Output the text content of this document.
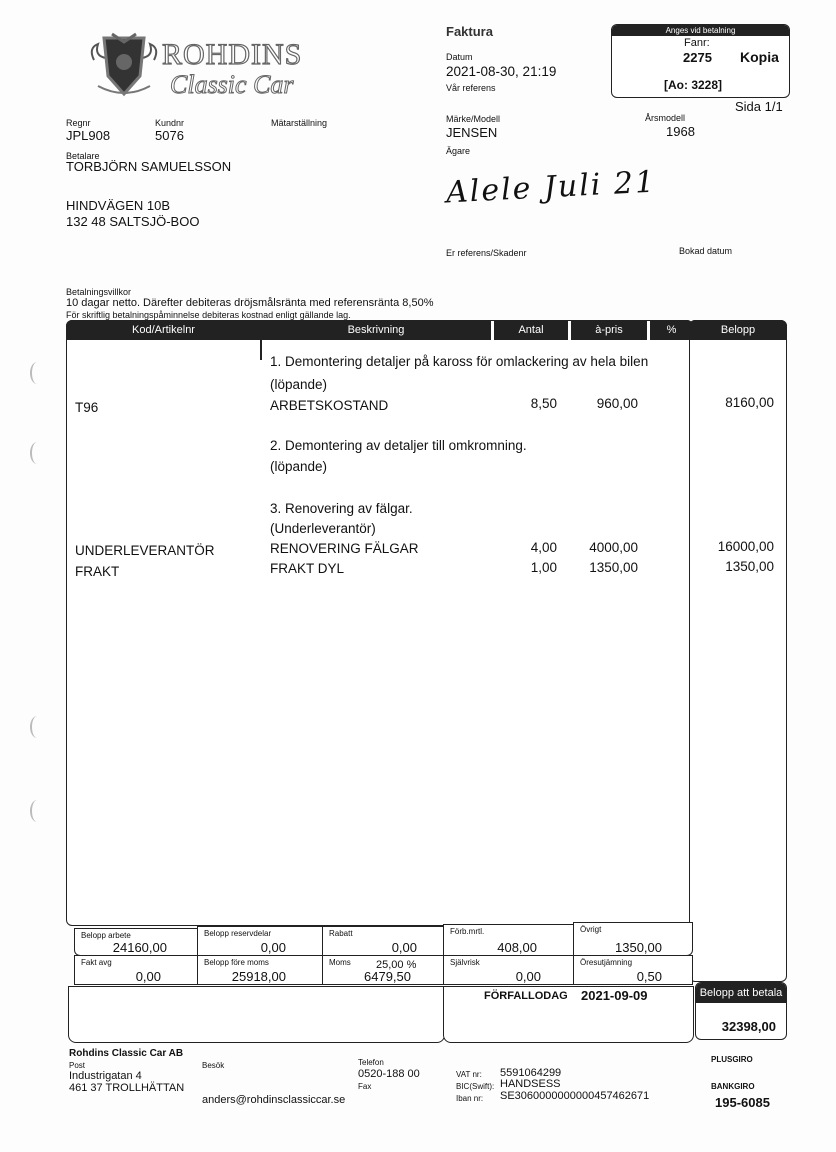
ROHDINS
Classic Car
Faktura
Datum
2021-08-30, 21:19
Vår referens
Anges vid betalning
Fanr:
2275 Kopia
[Ao: 3228]
Sida 1/1
Regnr
JPL908
Kundnr
5076
Mätarställning	Märke/Modell
JENSEN
Årsmodell
1968
Ägare
Alele Juli 21
Betalare
TORBJÖRN SAMUELSSON
HINDVÄGEN 10B
132 48 SALTSJÖ-BOO
Er referens/Skadenr	Bokad datum
Betalningsvillkor
10 dagar netto. Därefter debiteras dröjsmålsränta med referensränta 8,50%
För skriftlig betalningspåminnelse debiteras kostnad enligt gällande lag.
Kod/Artikelnr	Beskrivning	Antal	à-pris	%	Belopp
1. Demontering detaljer på kaross för omlackering av hela bilen
(löpande)
2. Demontering av detaljer till omkromning.
(löpande)
3. Renovering av fälgar.
(Underleverantör)
T96	ARBETSKOSTAND	8,50	960,00	8160,00
UNDERLEVERANTÖR	RENOVERING FÄLGAR	4,00 4000,00	16000,00
FRAKT	FRAKT DYL	1,00 1350,00	1350,00
Belopp arbete
24160,00
Belopp reservdelar
0,00
Rabatt
0,00
Förb.mrtl.
408,00
Övrigt
1350,00
Fakt avg
0,00
Belopp före moms
25918,00
Moms 25,00 %
6479,50
Självrisk
0,00
Öresutjämning
0,50
FÖRFALLODAG 2021-09-09	Belopp att betala
32398,00
Rohdins Classic Car AB
Post
Industrigatan 4
461 37 TROLLHÄTTAN
Besök
anders@rohdinsclassiccar.se
Telefon
0520-188 00
Fax
VAT nr: 5591064299
BIC(Swift): HANDSESS
Iban nr: SE3060000000000457462671
PLUSGIRO
BANKGIRO
195-6085
